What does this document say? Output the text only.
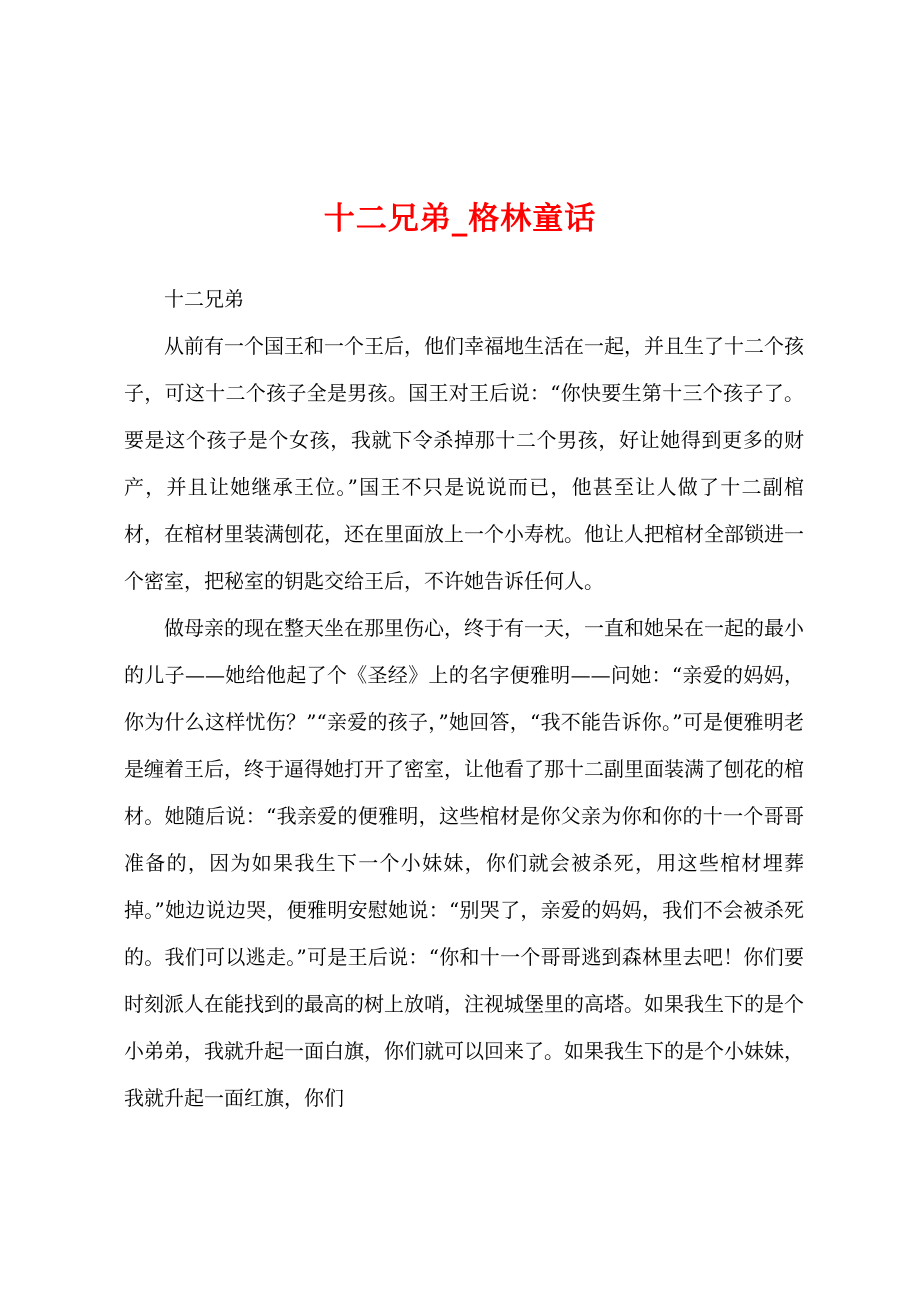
十二兄弟_格林童话

十二兄弟

从前有一个国王和一个王后，他们幸福地生活在一起，并且生了十二个孩子，可这十二个孩子全是男孩。国王对王后说：“你快要生第十三个孩子了。要是这个孩子是个女孩，我就下令杀掉那十二个男孩，好让她得到更多的财产，并且让她继承王位。”国王不只是说说而已，他甚至让人做了十二副棺材，在棺材里装满刨花，还在里面放上一个小寿枕。他让人把棺材全部锁进一个密室，把秘室的钥匙交给王后，不许她告诉任何人。

做母亲的现在整天坐在那里伤心，终于有一天，一直和她呆在一起的最小的儿子——她给他起了个《圣经》上的名字便雅明——问她：“亲爱的妈妈，你为什么这样忧伤？”“亲爱的孩子，”她回答，“我不能告诉你。”可是便雅明老是缠着王后，终于逼得她打开了密室，让他看了那十二副里面装满了刨花的棺材。她随后说：“我亲爱的便雅明，这些棺材是你父亲为你和你的十一个哥哥准备的，因为如果我生下一个小妹妹，你们就会被杀死，用这些棺材埋葬掉。”她边说边哭，便雅明安慰她说：“别哭了，亲爱的妈妈，我们不会被杀死的。我们可以逃走。”可是王后说：“你和十一个哥哥逃到森林里去吧！你们要时刻派人在能找到的最高的树上放哨，注视城堡里的高塔。如果我生下的是个小弟弟，我就升起一面白旗，你们就可以回来了。如果我生下的是个小妹妹，我就升起一面红旗，你们
